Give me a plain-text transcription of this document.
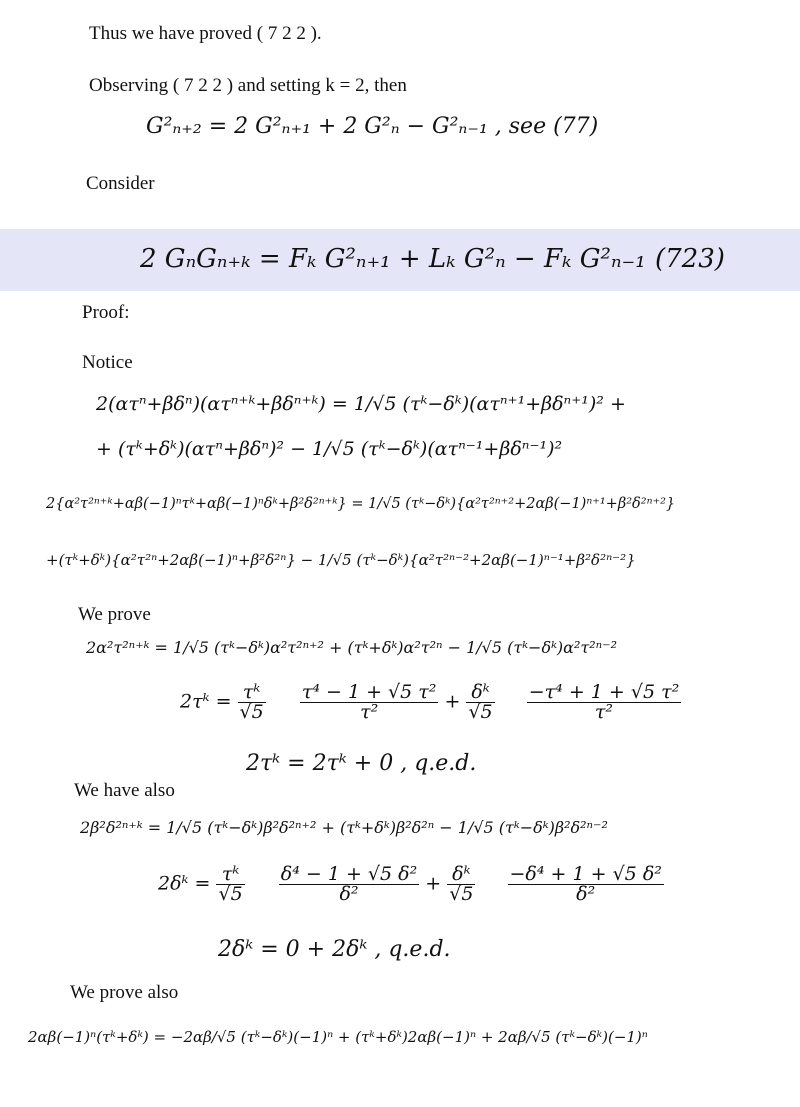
Thus we have proved ( 7 2 2 ).
Observing ( 7 2 2 ) and setting k = 2, then
G²ₙ₊₂ = 2 G²ₙ₊₁ + 2 G²ₙ − G²ₙ₋₁ , see (77)
Consider
2 GₙGₙ₊ₖ = Fₖ G²ₙ₊₁ + Lₖ G²ₙ − Fₖ G²ₙ₋₁ (723)
Proof:
Notice
2(ατⁿ+βδⁿ)(ατⁿ⁺ᵏ+βδⁿ⁺ᵏ) = 1/√5 (τᵏ−δᵏ)(ατⁿ⁺¹+βδⁿ⁺¹)² +
+ (τᵏ+δᵏ)(ατⁿ+βδⁿ)² − 1/√5 (τᵏ−δᵏ)(ατⁿ⁻¹+βδⁿ⁻¹)²
2{α²τ²ⁿ⁺ᵏ+αβ(−1)ⁿτᵏ+αβ(−1)ⁿδᵏ+β²δ²ⁿ⁺ᵏ} = 1/√5 (τᵏ−δᵏ){α²τ²ⁿ⁺²+2αβ(−1)ⁿ⁺¹+β²δ²ⁿ⁺²}
+(τᵏ+δᵏ){α²τ²ⁿ+2αβ(−1)ⁿ+β²δ²ⁿ} − 1/√5 (τᵏ−δᵏ){α²τ²ⁿ⁻²+2αβ(−1)ⁿ⁻¹+β²δ²ⁿ⁻²}
We prove
2α²τ²ⁿ⁺ᵏ = 1/√5 (τᵏ−δᵏ)α²τ²ⁿ⁺² + (τᵏ+δᵏ)α²τ²ⁿ − 1/√5 (τᵏ−δᵏ)α²τ²ⁿ⁻²
2τᵏ = $\frac{\text{τᵏ}}{√5}$
$\frac{\text{τ⁴ − 1 + √5 τ²}}{\text{τ²}} + \frac{\text{δᵏ}}{√5}$
$\frac{\text{−τ⁴ + 1 + √5 τ²}}{\text{τ²}}$
2τᵏ = 2τᵏ + 0 , q.e.d.
We have also
2β²δ²ⁿ⁺ᵏ = 1/√5 (τᵏ−δᵏ)β²δ²ⁿ⁺² + (τᵏ+δᵏ)β²δ²ⁿ − 1/√5 (τᵏ−δᵏ)β²δ²ⁿ⁻²
2δᵏ = $\frac{\text{τᵏ}}{√5}$
$\frac{\text{δ⁴ − 1 + √5 δ²}}{\text{δ²}} + \frac{\text{δᵏ}}{√5}$
$\frac{\text{−δ⁴ + 1 + √5 δ²}}{\text{δ²}}$
2δᵏ = 0 + 2δᵏ , q.e.d.
We prove also
2αβ(−1)ⁿ(τᵏ+δᵏ) = −2αβ/√5 (τᵏ−δᵏ)(−1)ⁿ + (τᵏ+δᵏ)2αβ(−1)ⁿ + 2αβ/√5 (τᵏ−δᵏ)(−1)ⁿ
